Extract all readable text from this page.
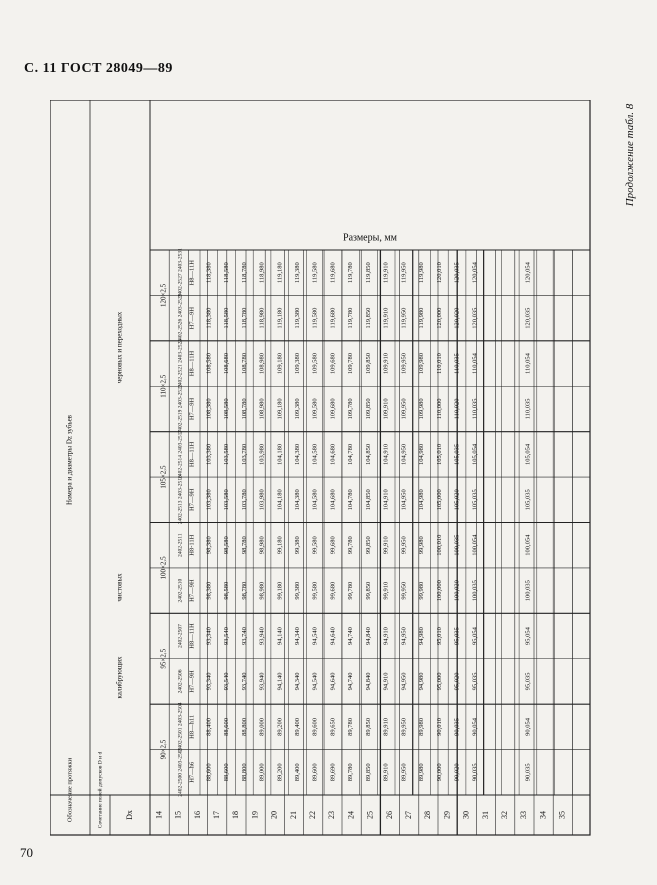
С. 11 ГОСТ 28049—89
70
Продолжение табл. 8
Обозначение протяжки	Сочетание полей допусков D и d	Dx
Номера и диаметры Dz зубьев
черновых и переходных
чистовых
калибрующих
14 15 16 17 18 19 20 21 22 23 24 25 26 27 28 29 30 31 32 33 34 35
Размеры, мм
90×2,5 2402-2500 2403-2503 H7—h6
2402-2501 2403-2504 H8—h11
95×2,5
2402-2506 H7—9H
2402-2507 H8—11H
100×2,5
2402-2510 H7—9H
2402-2511 H8-11H
105×2,5 2402-2513 2403-2516 H7—9H
2402-2514 2403-2517 H8—11H
110×2,5 2402-2519 2403-2523 H7—9H
2402-2521 2403-2524 H8—11H
120×2,5 2402-2526 2403-2529 H7—9H
2402-2527 2403-2531 H8—11H
88,600
88,400
93,340
93,340
98,380
98,380
103,380
103,380
108,380
108,580
118,380
118,380
88,600
88,600
93,540
93,540
98,580
98,580
103,580
103,580
108,580
108,680
118,580
118,580
88,800
88,800
93,740
93,740
98,780
98,780
103,780
103,780
108,780
108,780
118,780
118,780
89,000
89,000
93,940
93,940
98,980
98,980
103,980
103,980
108,980
108,980
118,980
118,980
89,200
89,200
94,140
94,140
99,180
99,180
104,180
104,180
109,180
109,180
119,180
119,180
89,400
89,400
94,340
94,340
99,380
99,380
104,380
104,380
109,380
109,380
119,380
119,380
89,600
89,600
94,540
94,540
99,580
99,580
104,580
104,580
109,580
109,580
119,580
119,580
89,690
89,650
94,640
94,640
99,680
99,680
104,680
104,680
109,680
109,680
119,680
119,680
89,780
89,780
94,740
94,740
99,780
99,780
104,780
104,780
109,780
109,780
119,780
119,780
89,850
89,850
94,840
94,840
99,850
99,850
104,850
104,850
109,850
109,850
119,850
119,850
89,910
89,910
94,910
94,910
99,910
99,910
104,910
104,910
109,910
109,910
119,910
119,910
89,950
89,950
94,950
94,950
99,950
99,950
104,950
104,950
109,950
109,950
119,950
119,950
89,980
89,980
94,980
94,980
99,980
99,980
104,980
104,980
109,980
109,980
119,980
119,980
90,000
90,010
95,000
95,010
100,000
100,010
105,000
105,010
110,000
110,010
120,000
120,010
90,020
90,035
95,020
95,035
100,020
100,035
105,020
105,035
110,020
110,035
120,020
120,035
90,035
90,054
95,035
95,054
100,035
100,054
105,035
105,054
110,035
110,054
120,035
120,054
90,035
90,054
95,035
95,054
100,035
100,054
105,035
105,054
110,035
110,054
120,035
120,054
